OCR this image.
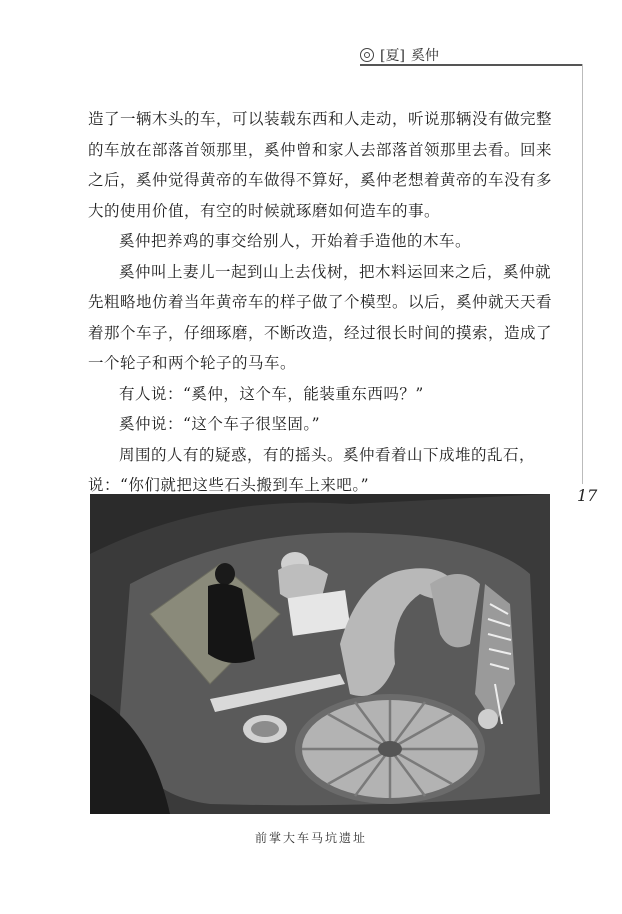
[夏] 奚仲
17

造了一辆木头的车，可以装载东西和人走动，听说那辆没有做完整的车放在部落首领那里，奚仲曾和家人去部落首领那里去看。回来之后，奚仲觉得黄帝的车做得不算好，奚仲老想着黄帝的车没有多大的使用价值，有空的时候就琢磨如何造车的事。

奚仲把养鸡的事交给别人，开始着手造他的木车。

奚仲叫上妻儿一起到山上去伐树，把木料运回来之后，奚仲就先粗略地仿着当年黄帝车的样子做了个模型。以后，奚仲就天天看着那个车子，仔细琢磨，不断改造，经过很长时间的摸索，造成了一个轮子和两个轮子的马车。

有人说：“奚仲，这个车，能装重东西吗？”

奚仲说：“这个车子很坚固。”

周围的人有的疑惑，有的摇头。奚仲看着山下成堆的乱石，说：“你们就把这些石头搬到车上来吧。”

前掌大车马坑遗址
